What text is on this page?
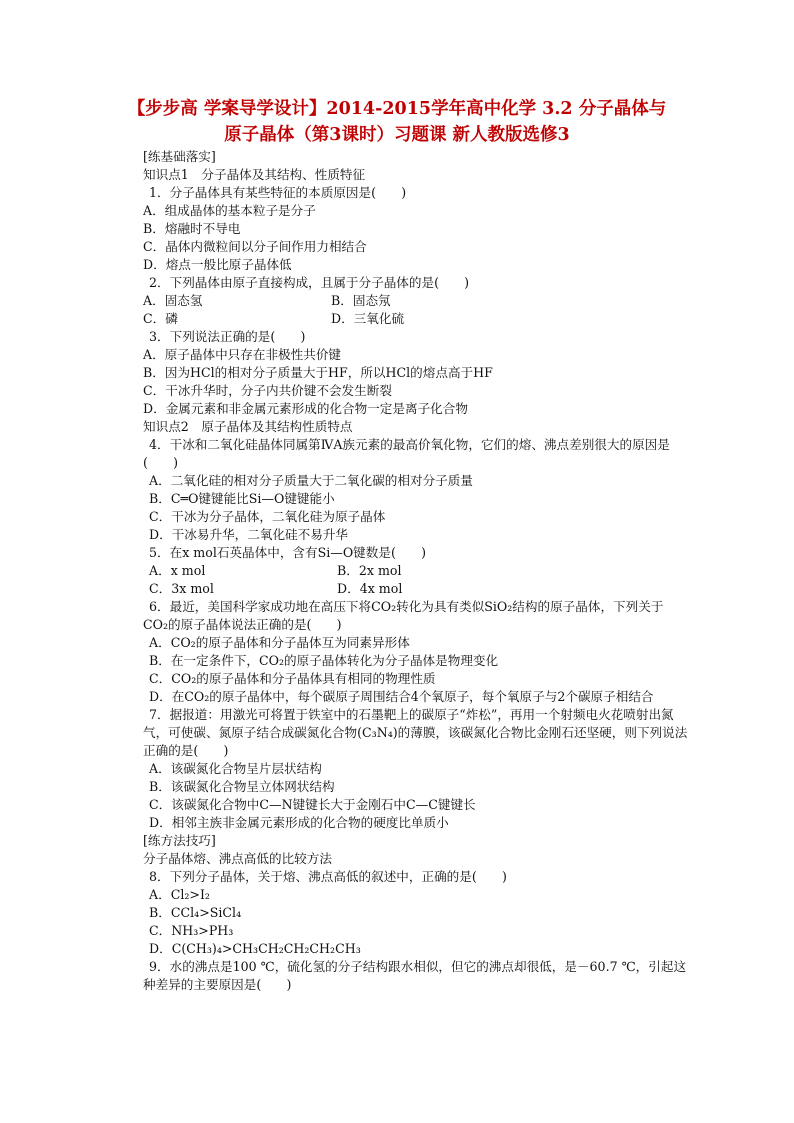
【步步高 学案导学设计】2014-2015学年高中化学 3.2 分子晶体与
原子晶体（第3课时）习题课 新人教版选修3
[练基础落实]
知识点1　分子晶体及其结构、性质特征
1．分子晶体具有某些特征的本质原因是(　　)
A．组成晶体的基本粒子是分子
B．熔融时不导电
C．晶体内微粒间以分子间作用力相结合
D．熔点一般比原子晶体低
2．下列晶体由原子直接构成，且属于分子晶体的是(　　)
A．固态氢	B．固态氖
C．磷	D．三氧化硫
3．下列说法正确的是(　　)
A．原子晶体中只存在非极性共价键
B．因为HCl的相对分子质量大于HF，所以HCl的熔点高于HF
C．干冰升华时，分子内共价键不会发生断裂
D．金属元素和非金属元素形成的化合物一定是离子化合物
知识点2　原子晶体及其结构性质特点
4．干冰和二氧化硅晶体同属第ⅣA族元素的最高价氧化物，它们的熔、沸点差别很大的原因是(　　)
A．二氧化硅的相对分子质量大于二氧化碳的相对分子质量
B．C═O键键能比Si—O键键能小
C．干冰为分子晶体，二氧化硅为原子晶体
D．干冰易升华，二氧化硅不易升华
5．在x mol石英晶体中，含有Si—O键数是(　　)
A．x mol	B．2x mol
C．3x mol	D．4x mol
6．最近，美国科学家成功地在高压下将CO₂转化为具有类似SiO₂结构的原子晶体，下列关于CO₂的原子晶体说法正确的是(　　)
A．CO₂的原子晶体和分子晶体互为同素异形体
B．在一定条件下，CO₂的原子晶体转化为分子晶体是物理变化
C．CO₂的原子晶体和分子晶体具有相同的物理性质
D．在CO₂的原子晶体中，每个碳原子周围结合4个氧原子，每个氧原子与2个碳原子相结合
7．据报道：用激光可将置于铁室中的石墨靶上的碳原子“炸松”，再用一个射频电火花喷射出氮气，可使碳、氮原子结合成碳氮化合物(C₃N₄)的薄膜，该碳氮化合物比金刚石还坚硬，则下列说法正确的是(　　)
A．该碳氮化合物呈片层状结构
B．该碳氮化合物呈立体网状结构
C．该碳氮化合物中C—N键键长大于金刚石中C—C键键长
D．相邻主族非金属元素形成的化合物的硬度比单质小
[练方法技巧]
分子晶体熔、沸点高低的比较方法
8．下列分子晶体，关于熔、沸点高低的叙述中，正确的是(　　)
A．Cl₂>I₂
B．CCl₄>SiCl₄
C．NH₃>PH₃
D．C(CH₃)₄>CH₃CH₂CH₂CH₂CH₃
9．水的沸点是100 ℃，硫化氢的分子结构跟水相似，但它的沸点却很低，是－60.7 ℃，引起这种差异的主要原因是(　　)
